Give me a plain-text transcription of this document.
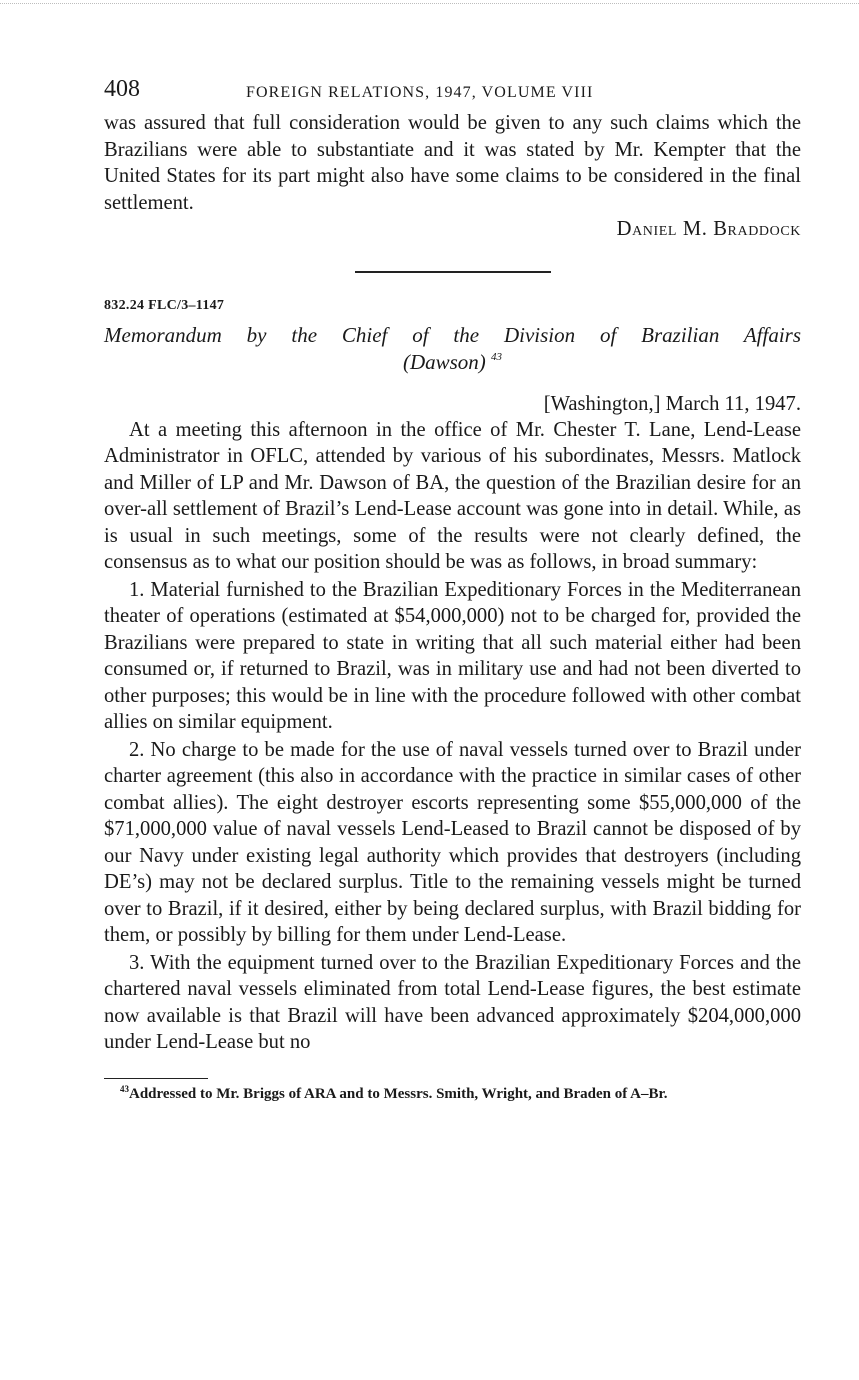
408	FOREIGN RELATIONS, 1947, VOLUME VIII

was assured that full consideration would be given to any such claims which the Brazilians were able to substantiate and it was stated by Mr. Kempter that the United States for its part might also have some claims to be considered in the final settlement.

Daniel M. Braddock

832.24 FLC/3–1147

Memorandum by the Chief of the Division of Brazilian Affairs
(Dawson) $^{43}$

[Washington,] March 11, 1947.

At a meeting this afternoon in the office of Mr. Chester T. Lane, Lend-Lease Administrator in OFLC, attended by various of his subordinates, Messrs. Matlock and Miller of LP and Mr. Dawson of BA, the question of the Brazilian desire for an over-all settlement of Brazil’s Lend-Lease account was gone into in detail. While, as is usual in such meetings, some of the results were not clearly defined, the consensus as to what our position should be was as follows, in broad summary:

1. Material furnished to the Brazilian Expeditionary Forces in the Mediterranean theater of operations (estimated at $54,000,000) not to be charged for, provided the Brazilians were prepared to state in writing that all such material either had been consumed or, if returned to Brazil, was in military use and had not been diverted to other purposes; this would be in line with the procedure followed with other combat allies on similar equipment.

2. No charge to be made for the use of naval vessels turned over to Brazil under charter agreement (this also in accordance with the practice in similar cases of other combat allies). The eight destroyer escorts representing some $55,000,000 of the $71,000,000 value of naval vessels Lend-Leased to Brazil cannot be disposed of by our Navy under existing legal authority which provides that destroyers (including DE’s) may not be declared surplus. Title to the remaining vessels might be turned over to Brazil, if it desired, either by being declared surplus, with Brazil bidding for them, or possibly by billing for them under Lend-Lease.

3. With the equipment turned over to the Brazilian Expeditionary Forces and the chartered naval vessels eliminated from total Lend-Lease figures, the best estimate now available is that Brazil will have been advanced approximately $204,000,000 under Lend-Lease but no

$^{43}$Addressed to Mr. Briggs of ARA and to Messrs. Smith, Wright, and Braden of A–Br.
